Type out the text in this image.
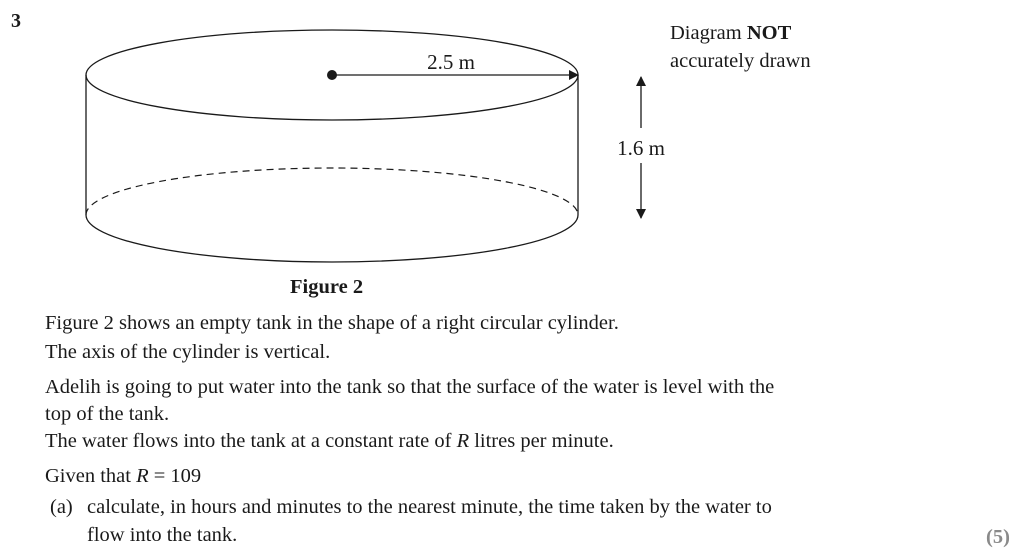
3
2.5 m
1.6 m
Diagram NOT
accurately drawn
Figure 2
Figure 2 shows an empty tank in the shape of a right circular cylinder.
The axis of the cylinder is vertical.
Adelih is going to put water into the tank so that the surface of the water is level with the
top of the tank.
The water flows into the tank at a constant rate of R litres per minute.
Given that R = 109
(a) calculate, in hours and minutes to the nearest minute, the time taken by the water to
flow into the tank.	(5)
